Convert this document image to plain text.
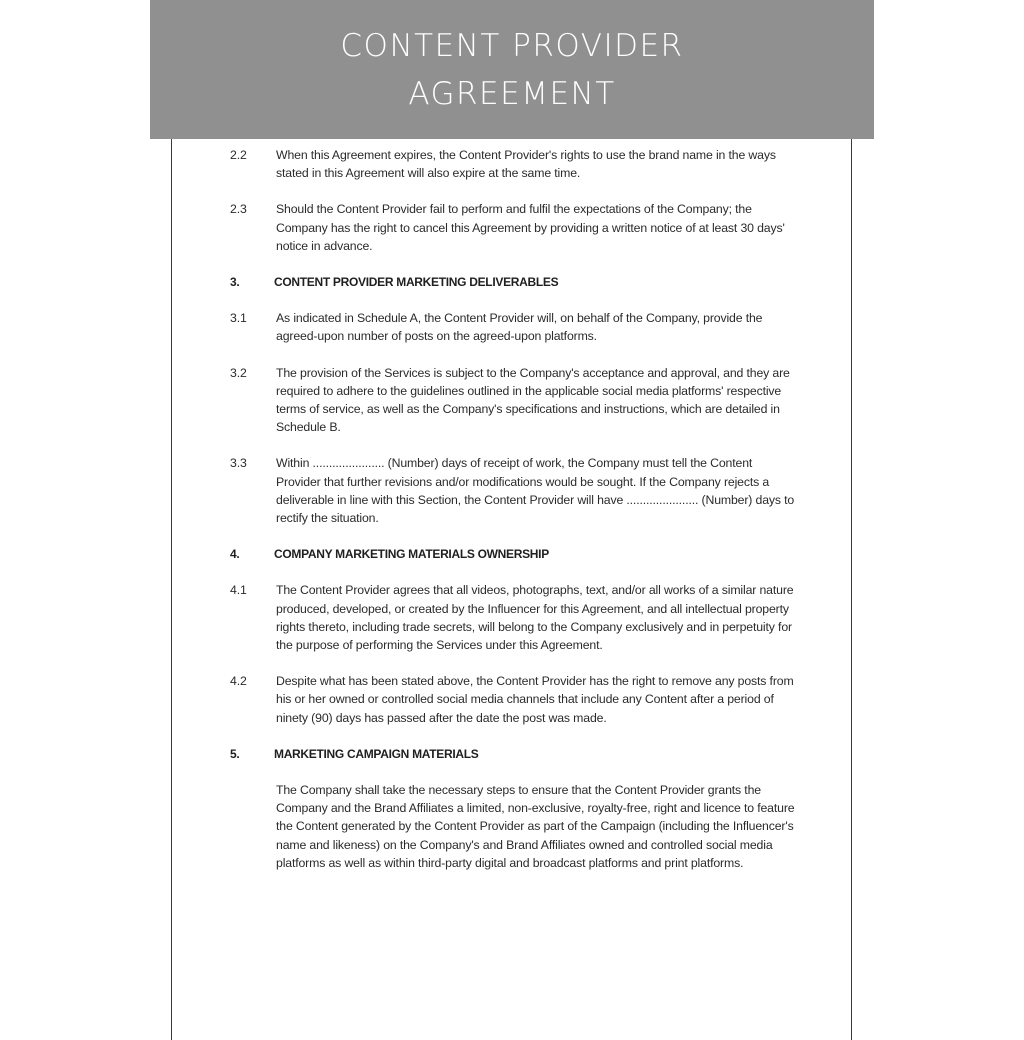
CONTENT PROVIDER
AGREEMENT
2.2	When this Agreement expires, the Content Provider's rights to use the brand name in the ways stated in this Agreement will also expire at the same time.
2.3	Should the Content Provider fail to perform and fulfil the expectations of the Company; the Company has the right to cancel this Agreement by providing a written notice of at least 30 days' notice in advance.
3.	CONTENT PROVIDER MARKETING DELIVERABLES
3.1	As indicated in Schedule A, the Content Provider will, on behalf of the Company, provide the agreed-upon number of posts on the agreed-upon platforms.
3.2	The provision of the Services is subject to the Company's acceptance and approval, and they are required to adhere to the guidelines outlined in the applicable social media platforms' respective terms of service, as well as the Company's specifications and instructions, which are detailed in Schedule B.
3.3	Within ...................... (Number) days of receipt of work, the Company must tell the Content Provider that further revisions and/or modifications would be sought. If the Company rejects a deliverable in line with this Section, the Content Provider will have ...................... (Number) days to rectify the situation.
4.	COMPANY MARKETING MATERIALS OWNERSHIP
4.1	The Content Provider agrees that all videos, photographs, text, and/or all works of a similar nature produced, developed, or created by the Influencer for this Agreement, and all intellectual property rights thereto, including trade secrets, will belong to the Company exclusively and in perpetuity for the purpose of performing the Services under this Agreement.
4.2	Despite what has been stated above, the Content Provider has the right to remove any posts from his or her owned or controlled social media channels that include any Content after a period of ninety (90) days has passed after the date the post was made.
5.	MARKETING CAMPAIGN MATERIALS
The Company shall take the necessary steps to ensure that the Content Provider grants the Company and the Brand Affiliates a limited, non-exclusive, royalty-free, right and licence to feature the Content generated by the Content Provider as part of the Campaign (including the Influencer's name and likeness) on the Company's and Brand Affiliates owned and controlled social media platforms as well as within third-party digital and broadcast platforms and print platforms.
